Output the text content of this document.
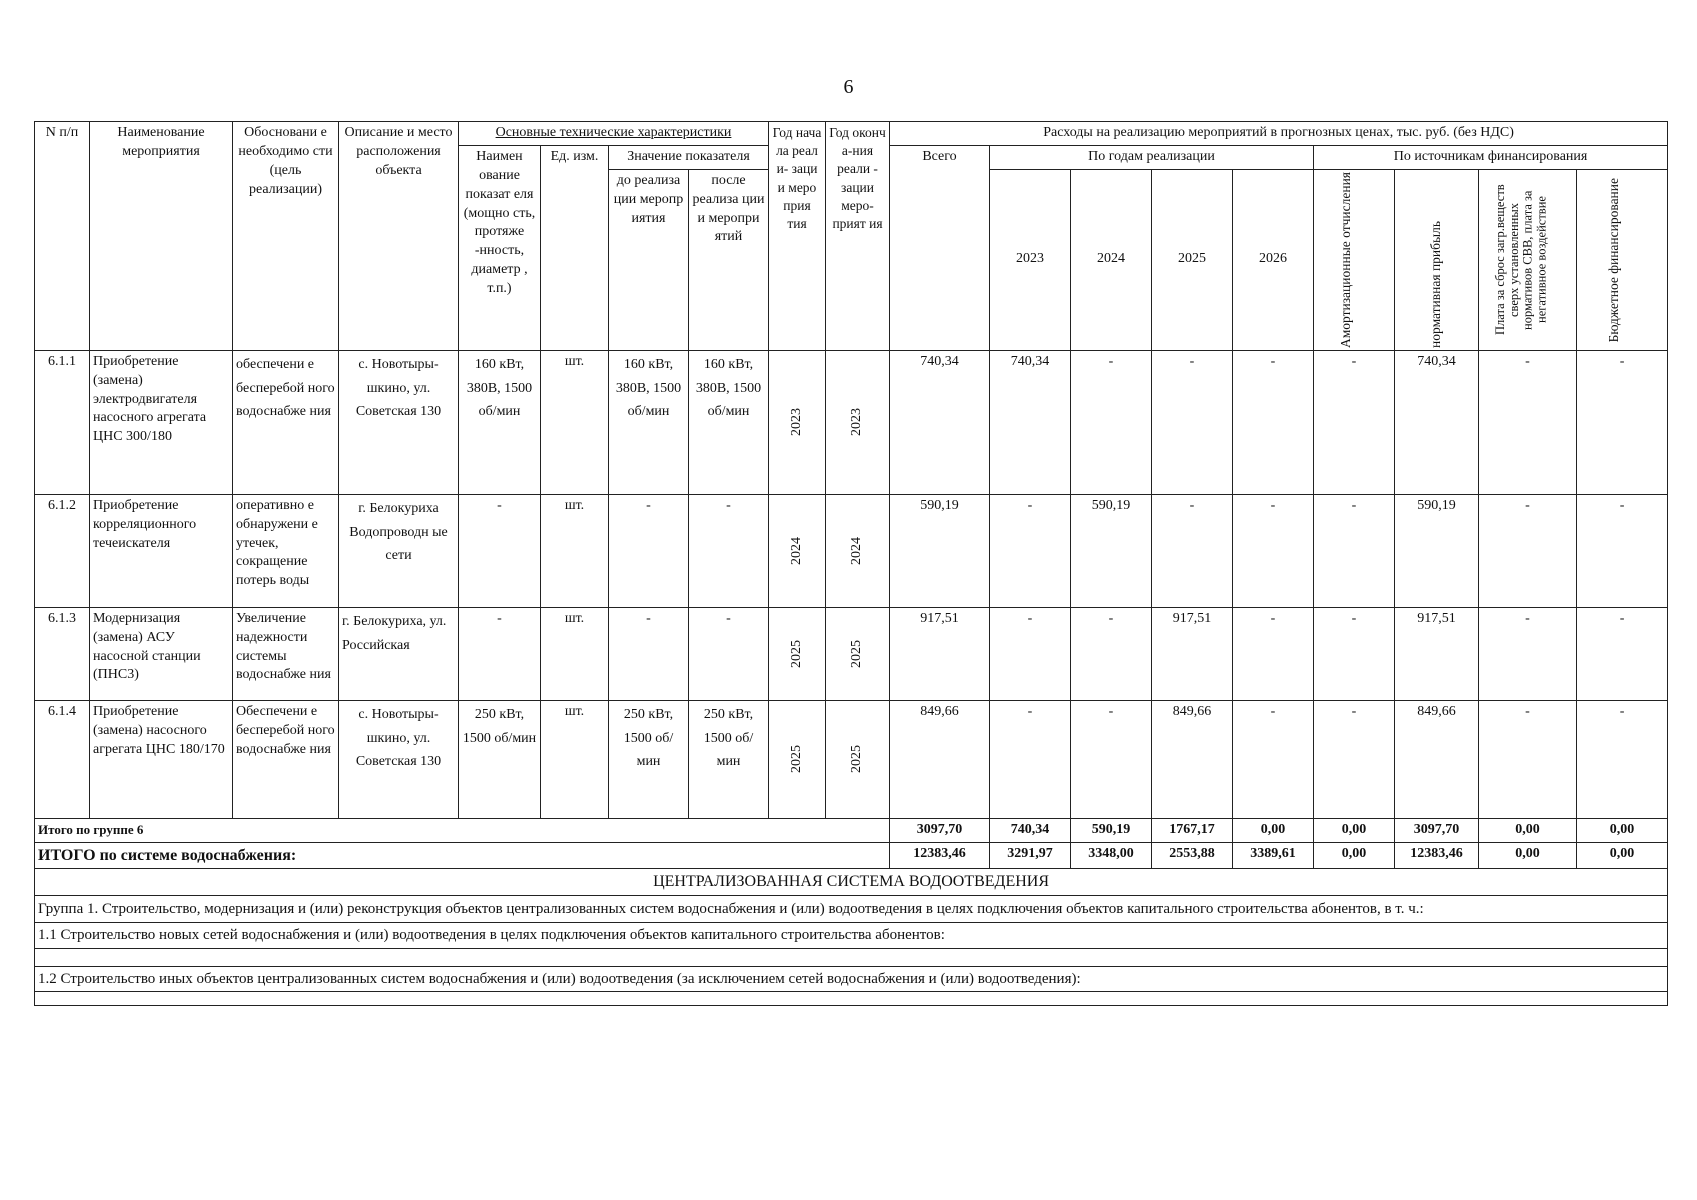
6
N п/п	Наименование мероприятия	Обосновани е необходимо сти (цель реализации)	Описание и место расположения объекта	Основные технические характеристики				Год нача ла реал и- заци и меро прия тия	Год оконч а-ния реали - зации меро- прият ия	Расходы на реализацию мероприятий в прогнозных ценах, тыс. руб. (без НДС)								
				Наимен ование показат еля (мощно сть, протяже -нность, диаметр , т.п.)	Ед. изм.	Значение показателя				Всего	По годам реализации				По источникам финансирования			
						до реализа ции меропр иятия	после реализа ции и меропри ятий				2023	2024	2025	2026	Амортизационные отчисления	нормативная прибыль	Плата за сброс загр.веществ сверх установленных нормативов СВВ, плата за негативное воздействие	Бюджетное финансирование

6.1.1	Приобретение (замена) электродвигателя насосного агрегата ЦНС 300/180	обеспечени е бесперебой ного водоснабже ния	с. Новотыры- шкино, ул. Советская 130	160 кВт, 380В, 1500 об/мин	шт.	160 кВт, 380В, 1500 об/мин	160 кВт, 380В, 1500 об/мин	2023	2023	740,34	740,34	-	-	-	-	740,34	-	-
6.1.2	Приобретение корреляционного течеискателя	оперативно е обнаружени е утечек, сокращение потерь воды	г. Белокуриха Водопроводн ые сети	-	шт.	-	-	2024	2024	590,19	-	590,19	-	-	-	590,19	-	-
6.1.3	Модернизация (замена) АСУ насосной станции (ПНС3)	Увеличение надежности системы водоснабже ния	г. Белокуриха, ул. Российская	-	шт.	-	-	2025	2025	917,51	-	-	917,51	-	-	917,51	-	-
6.1.4	Приобретение (замена) насосного агрегата ЦНС 180/170	Обеспечени е бесперебой ного водоснабже ния	с. Новотыры- шкино, ул. Советская 130	250 кВт, 1500 об/мин	шт.	250 кВт, 1500 об/мин	250 кВт, 1500 об/мин	2025	2025	849,66	-	-	849,66	-	-	849,66	-	-
Итого по группе 6										3097,70	740,34	590,19	1767,17	0,00	0,00	3097,70	0,00	0,00
ИТОГО по системе водоснабжения:										12383,46	3291,97	3348,00	2553,88	3389,61	0,00	12383,46	0,00	0,00
ЦЕНТРАЛИЗОВАННАЯ СИСТЕМА ВОДООТВЕДЕНИЯ																		
Группа 1. Строительство, модернизация и (или) реконструкция объектов централизованных систем водоснабжения и (или) водоотведения в целях подключения объектов капитального строительства абонентов, в т. ч.:																		
1.1 Строительство новых сетей водоснабжения и (или) водоотведения в целях подключения объектов капитального строительства абонентов:																		

1.2 Строительство иных объектов централизованных систем водоснабжения и (или) водоотведения (за исключением сетей водоснабжения и (или) водоотведения):																		
